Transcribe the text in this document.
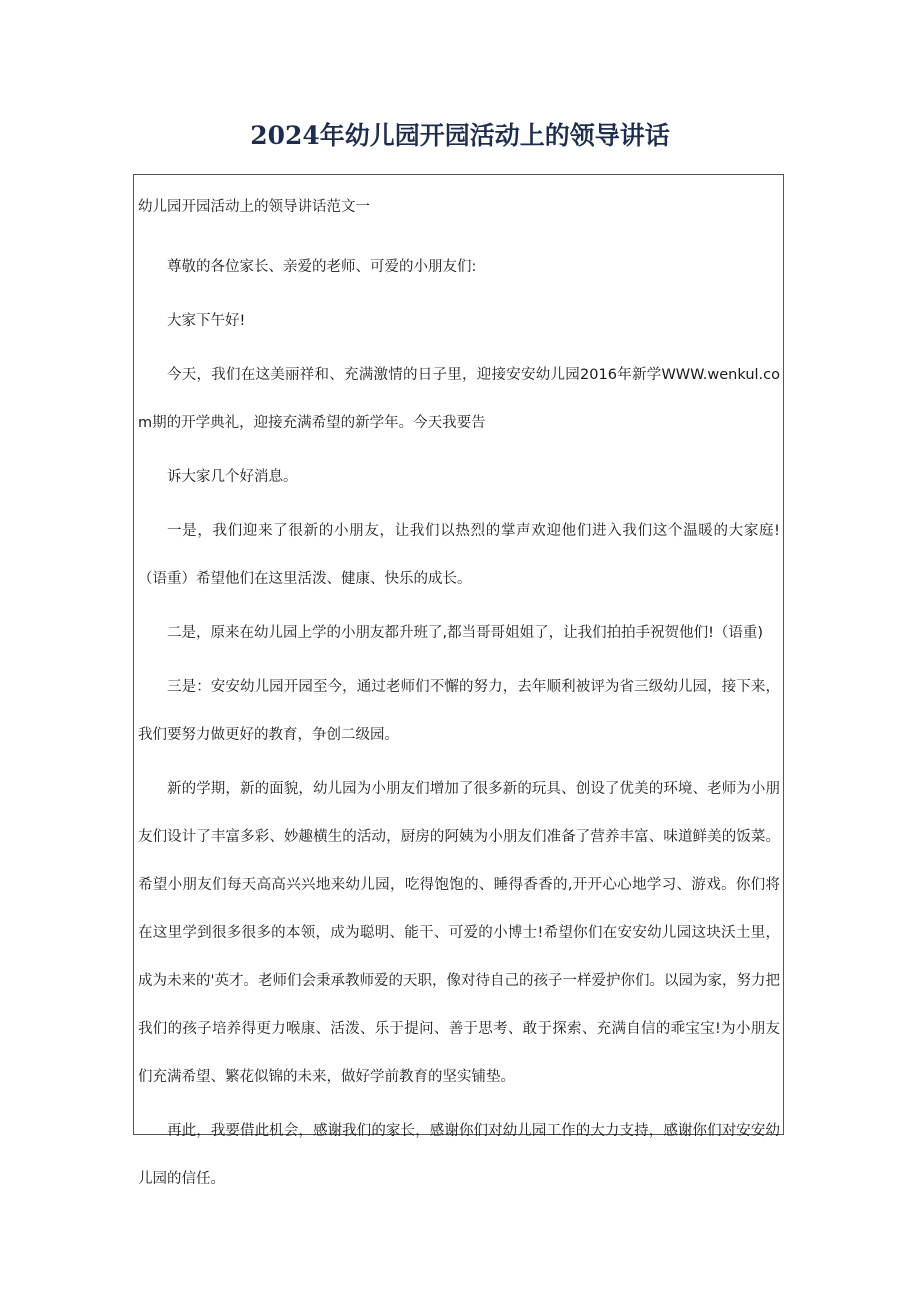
2024年幼儿园开园活动上的领导讲话

幼儿园开园活动上的领导讲话范文一

尊敬的各位家长、亲爱的老师、可爱的小朋友们:

大家下午好!

今天，我们在这美丽祥和、充满激情的日子里，迎接安安幼儿园2016年新学WWW.wenkul.com期的开学典礼，迎接充满希望的新学年。今天我要告

诉大家几个好消息。

一是，我们迎来了很新的小朋友，让我们以热烈的掌声欢迎他们进入我们这个温暖的大家庭!（语重）希望他们在这里活泼、健康、快乐的成长。

二是，原来在幼儿园上学的小朋友都升班了,都当哥哥姐姐了，让我们拍拍手祝贺他们!（语重)

三是：安安幼儿园开园至今，通过老师们不懈的努力，去年顺利被评为省三级幼儿园，接下来，我们要努力做更好的教育，争创二级园。

新的学期，新的面貌，幼儿园为小朋友们增加了很多新的玩具、创设了优美的环境、老师为小朋友们设计了丰富多彩、妙趣横生的活动，厨房的阿姨为小朋友们准备了营养丰富、味道鲜美的饭菜。希望小朋友们每天高高兴兴地来幼儿园，吃得饱饱的、睡得香香的,开开心心地学习、游戏。你们将在这里学到很多很多的本领，成为聪明、能干、可爱的小博士!希望你们在安安幼儿园这块沃土里，成为未来的'英才。老师们会秉承教师爱的天职，像对待自己的孩子一样爱护你们。以园为家，努力把我们的孩子培养得更力喉康、活泼、乐于提问、善于思考、敢于探索、充满自信的乖宝宝!为小朋友们充满希望、繁花似锦的未来，做好学前教育的坚实铺垫。

再此，我要借此机会，感谢我们的家长，感谢你们对幼儿园工作的大力支持，感谢你们对安安幼儿园的信任。
